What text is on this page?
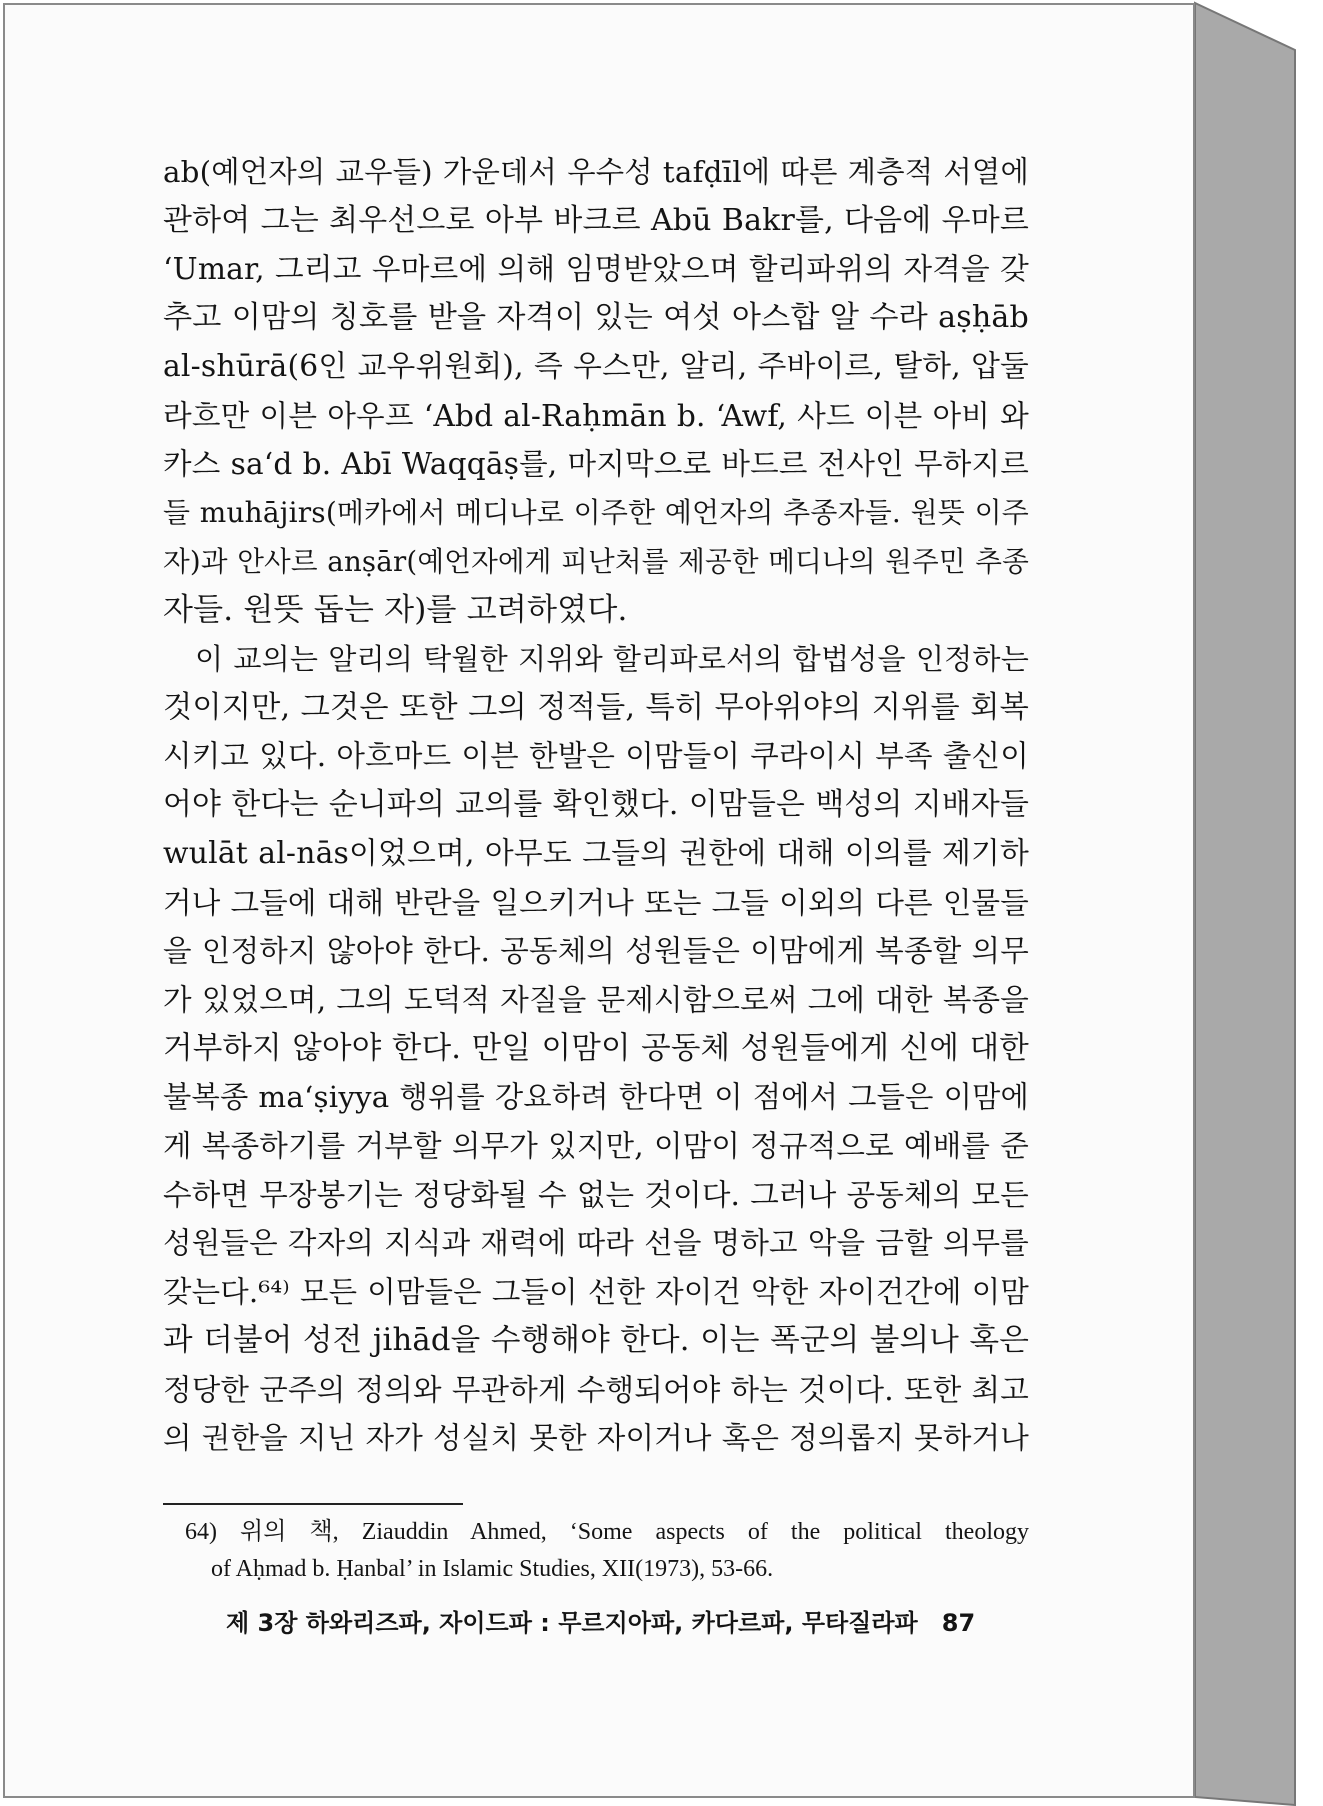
ab(예언자의 교우들) 가운데서 우수성 tafḍīl에 따른 계층적 서열에
관하여 그는 최우선으로 아부 바크르 Abū Bakr를, 다음에 우마르
‘Umar, 그리고 우마르에 의해 임명받았으며 할리파위의 자격을 갖
추고 이맘의 칭호를 받을 자격이 있는 여섯 아스합 알 수라 aṣḥāb
al-shūrā(6인 교우위원회), 즉 우스만, 알리, 주바이르, 탈하, 압둘
라흐만 이븐 아우프 ‘Abd al-Raḥmān b. ‘Awf, 사드 이븐 아비 와
카스 sa‘d b. Abī Waqqāṣ를, 마지막으로 바드르 전사인 무하지르
들 muhājirs(메카에서 메디나로 이주한 예언자의 추종자들. 원뜻 이주
자)과 안사르 anṣār(예언자에게 피난처를 제공한 메디나의 원주민 추종
자들. 원뜻 돕는 자)를 고려하였다.
이 교의는 알리의 탁월한 지위와 할리파로서의 합법성을 인정하는
것이지만, 그것은 또한 그의 정적들, 특히 무아위야의 지위를 회복
시키고 있다. 아흐마드 이븐 한발은 이맘들이 쿠라이시 부족 출신이
어야 한다는 순니파의 교의를 확인했다. 이맘들은 백성의 지배자들
wulāt al-nās이었으며, 아무도 그들의 권한에 대해 이의를 제기하
거나 그들에 대해 반란을 일으키거나 또는 그들 이외의 다른 인물들
을 인정하지 않아야 한다. 공동체의 성원들은 이맘에게 복종할 의무
가 있었으며, 그의 도덕적 자질을 문제시함으로써 그에 대한 복종을
거부하지 않아야 한다. 만일 이맘이 공동체 성원들에게 신에 대한
불복종 ma‘ṣiyya 행위를 강요하려 한다면 이 점에서 그들은 이맘에
게 복종하기를 거부할 의무가 있지만, 이맘이 정규적으로 예배를 준
수하면 무장봉기는 정당화될 수 없는 것이다. 그러나 공동체의 모든
성원들은 각자의 지식과 재력에 따라 선을 명하고 악을 금할 의무를
갖는다.⁶⁴⁾ 모든 이맘들은 그들이 선한 자이건 악한 자이건간에 이맘
과 더불어 성전 jihād을 수행해야 한다. 이는 폭군의 불의나 혹은
정당한 군주의 정의와 무관하게 수행되어야 하는 것이다. 또한 최고
의 권한을 지닌 자가 성실치 못한 자이거나 혹은 정의롭지 못하거나
64) 위의 책, Ziauddin Ahmed, ‘Some aspects of the political theology
of Aḥmad b. Ḥanbal’ in Islamic Studies, XII(1973), 53-66.
제 3장 하와리즈파, 자이드파 : 무르지아파, 카다르파, 무타질라파 87
